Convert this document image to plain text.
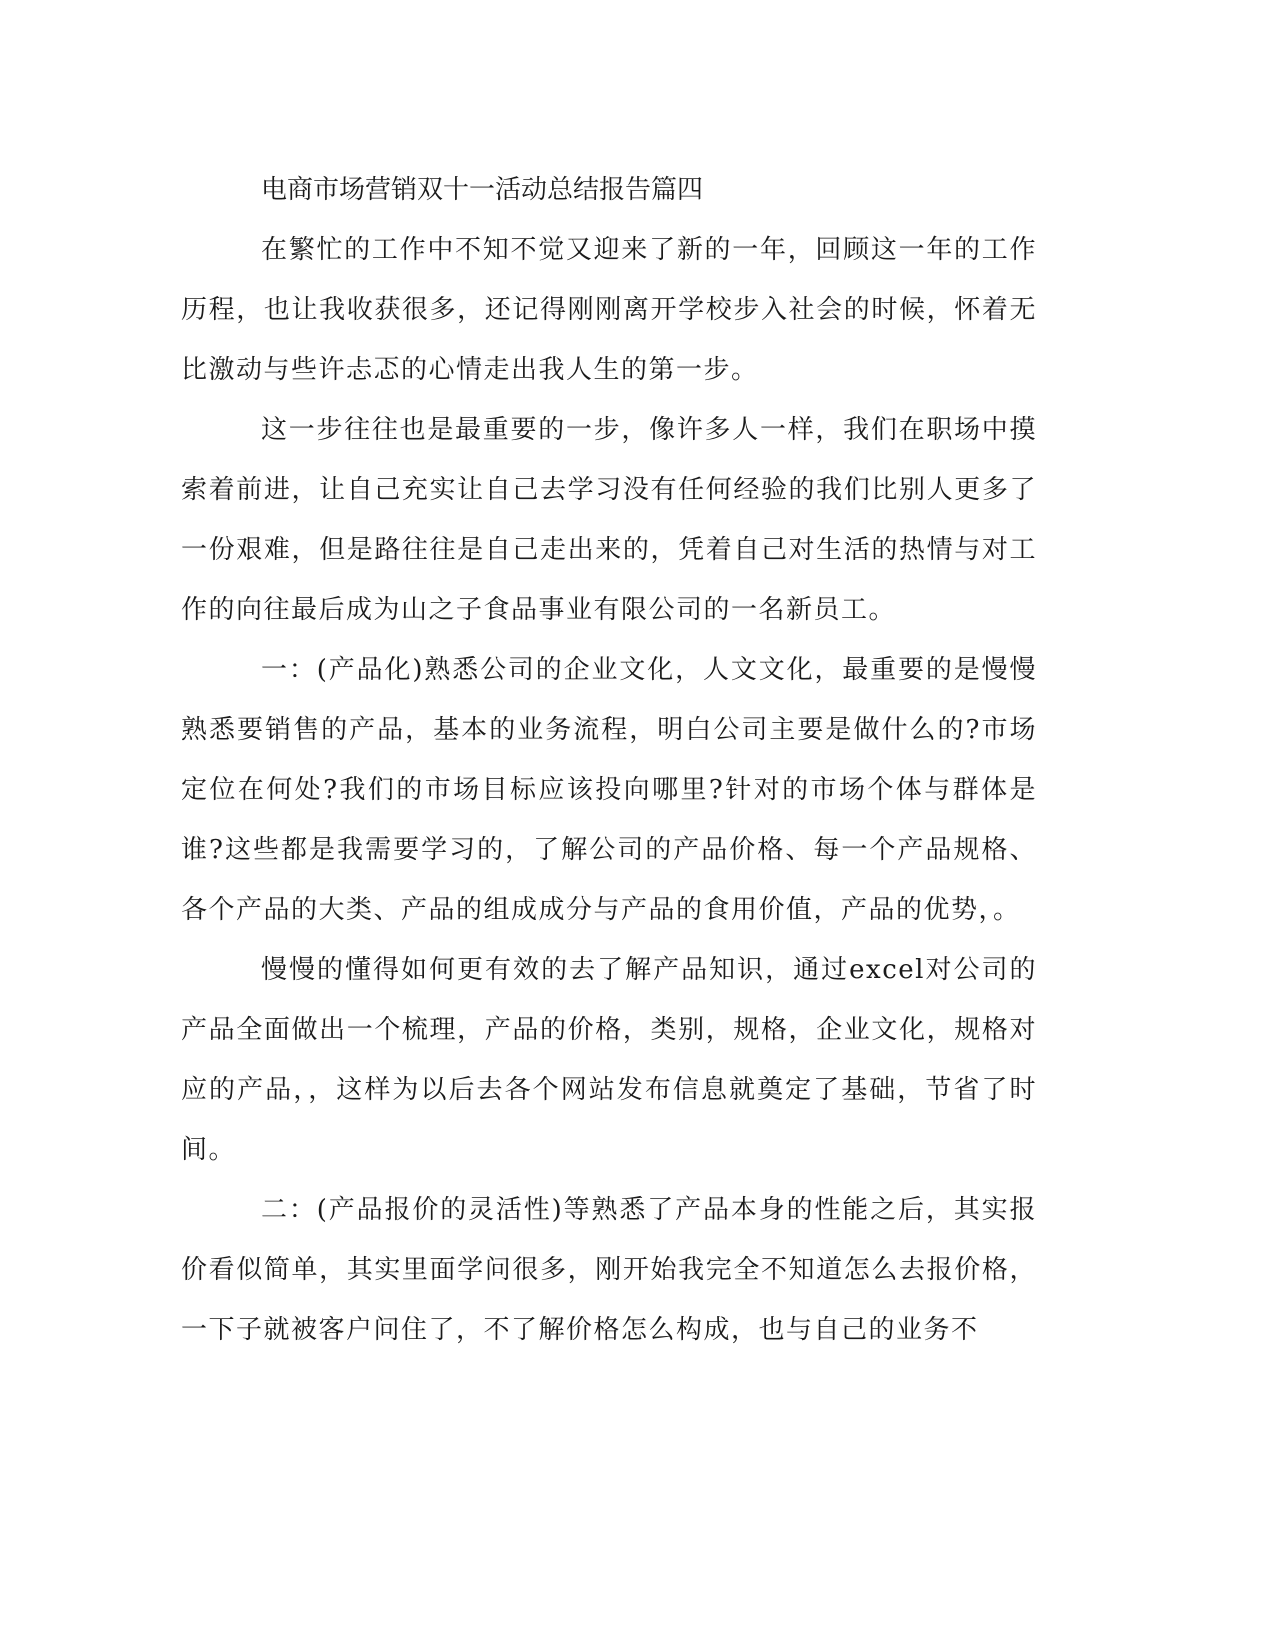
电商市场营销双十一活动总结报告篇四

在繁忙的工作中不知不觉又迎来了新的一年，回顾这一年的工作历程，也让我收获很多，还记得刚刚离开学校步入社会的时候，怀着无比激动与些许忐忑的心情走出我人生的第一步。

这一步往往也是最重要的一步，像许多人一样，我们在职场中摸索着前进，让自己充实让自己去学习没有任何经验的我们比别人更多了一份艰难，但是路往往是自己走出来的，凭着自己对生活的热情与对工作的向往最后成为山之子食品事业有限公司的一名新员工。

一：(产品化)熟悉公司的企业文化，人文文化，最重要的是慢慢熟悉要销售的产品，基本的业务流程，明白公司主要是做什么的?市场定位在何处?我们的市场目标应该投向哪里?针对的市场个体与群体是谁?这些都是我需要学习的，了解公司的产品价格、每一个产品规格、各个产品的大类、产品的组成成分与产品的食用价值，产品的优势，。

慢慢的懂得如何更有效的去了解产品知识，通过excel对公司的产品全面做出一个梳理，产品的价格，类别，规格，企业文化，规格对应的产品，，这样为以后去各个网站发布信息就奠定了基础，节省了时间。

二：(产品报价的灵活性)等熟悉了产品本身的性能之后，其实报价看似简单，其实里面学问很多，刚开始我完全不知道怎么去报价格，一下子就被客户问住了，不了解价格怎么构成，也与自己的业务不
